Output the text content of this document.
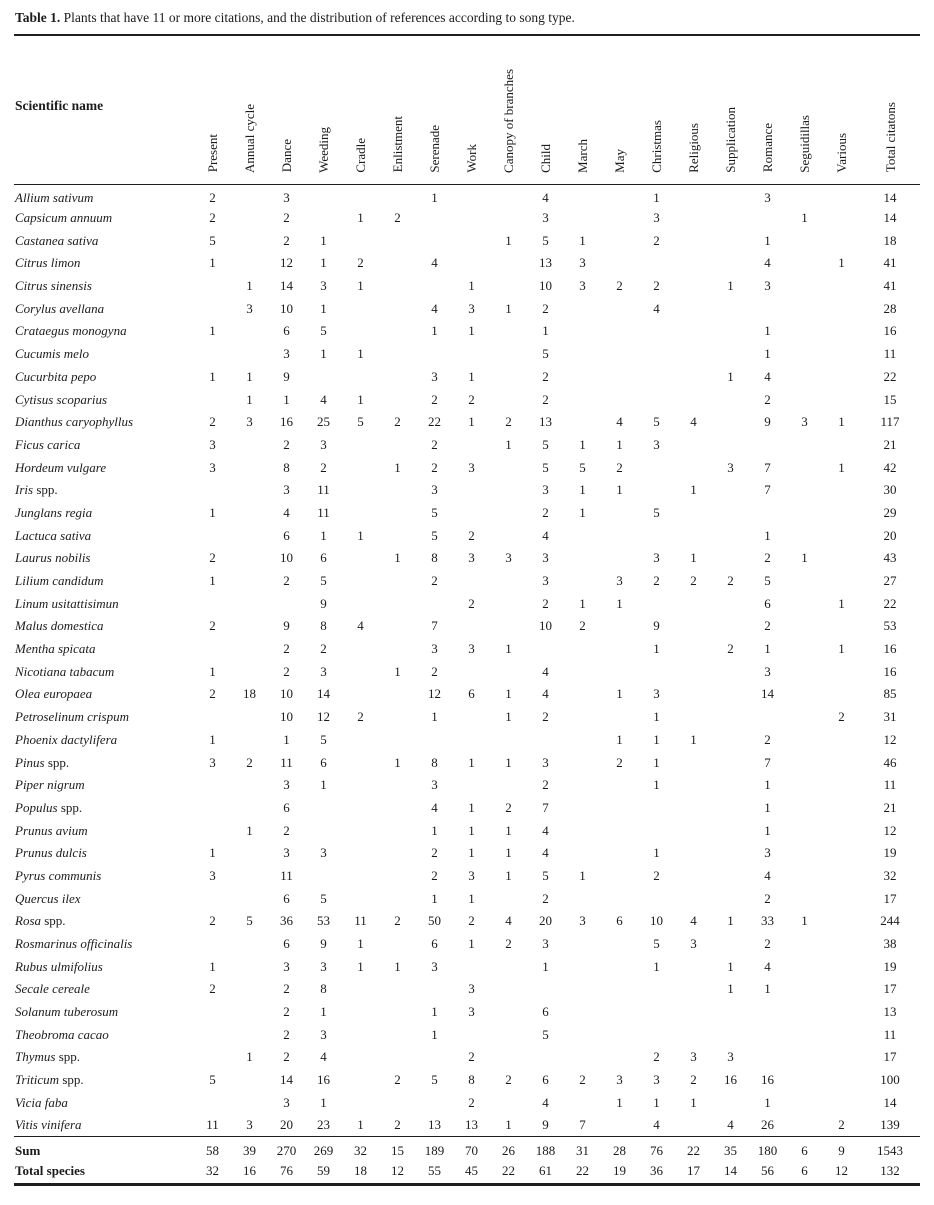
Table 1. Plants that have 11 or more citations, and the distribution of references according to song type.

Scientific name	Present	Annual cycle	Dance	Weeding	Cradle	Enlistment	Serenade	Work	Canopy of branches	Child	March	May	Christmas	Religious	Supplication	Romance	Seguidillas	Various	Total citatons
Allium sativum	2		3				1			4			1			3			14
Capsicum annuum	2		2		1	2				3			3				1		14
Castanea sativa	5		2	1					1	5	1		2			1			18
Citrus limon	1		12	1	2		4			13	3					4		1	41
Citrus sinensis		1	14	3	1			1		10	3	2	2		1	3			41
Corylus avellana		3	10	1			4	3	1	2			4						28
Crataegus monogyna	1		6	5			1	1		1						1			16
Cucumis melo			3	1	1					5						1			11
Cucurbita pepo	1	1	9				3	1		2					1	4			22
Cytisus scoparius		1	1	4	1		2	2		2						2			15
Dianthus caryophyllus	2	3	16	25	5	2	22	1	2	13		4	5	4		9	3	1	117
Ficus carica	3		2	3			2		1	5	1	1	3						21
Hordeum vulgare	3		8	2		1	2	3		5	5	2			3	7		1	42
Iris spp.			3	11			3			3	1	1		1		7			30
Junglans regia	1		4	11			5			2	1		5						29
Lactuca sativa			6	1	1		5	2		4						1			20
Laurus nobilis	2		10	6		1	8	3	3	3			3	1		2	1		43
Lilium candidum	1		2	5			2			3		3	2	2	2	5			27
Linum usitattisimun				9				2		2	1	1				6		1	22
Malus domestica	2		9	8	4		7			10	2		9			2			53
Mentha spicata			2	2			3	3	1				1		2	1		1	16
Nicotiana tabacum	1		2	3		1	2			4						3			16
Olea europaea	2	18	10	14			12	6	1	4		1	3			14			85
Petroselinum crispum			10	12	2		1		1	2			1					2	31
Phoenix dactylifera	1		1	5								1	1	1		2			12
Pinus spp.	3	2	11	6		1	8	1	1	3		2	1			7			46
Piper nigrum			3	1			3			2			1			1			11
Populus spp.			6				4	1	2	7						1			21
Prunus avium		1	2				1	1	1	4						1			12
Prunus dulcis	1		3	3			2	1	1	4			1			3			19
Pyrus communis	3		11				2	3	1	5	1		2			4			32
Quercus ilex			6	5			1	1		2						2			17
Rosa spp.	2	5	36	53	11	2	50	2	4	20	3	6	10	4	1	33	1		244
Rosmarinus officinalis			6	9	1		6	1	2	3			5	3		2			38
Rubus ulmifolius	1		3	3	1	1	3			1			1		1	4			19
Secale cereale	2		2	8				3							1	1			17
Solanum tuberosum			2	1			1	3		6									13
Theobroma cacao			2	3			1			5									11
Thymus spp.		1	2	4				2					2	3	3				17
Triticum spp.	5		14	16		2	5	8	2	6	2	3	3	2	16	16			100
Vicia faba			3	1				2		4		1	1	1		1			14
Vitis vinifera	11	3	20	23	1	2	13	13	1	9	7		4		4	26		2	139
Sum	58	39	270	269	32	15	189	70	26	188	31	28	76	22	35	180	6	9	1543
Total species	32	16	76	59	18	12	55	45	22	61	22	19	36	17	14	56	6	12	132
